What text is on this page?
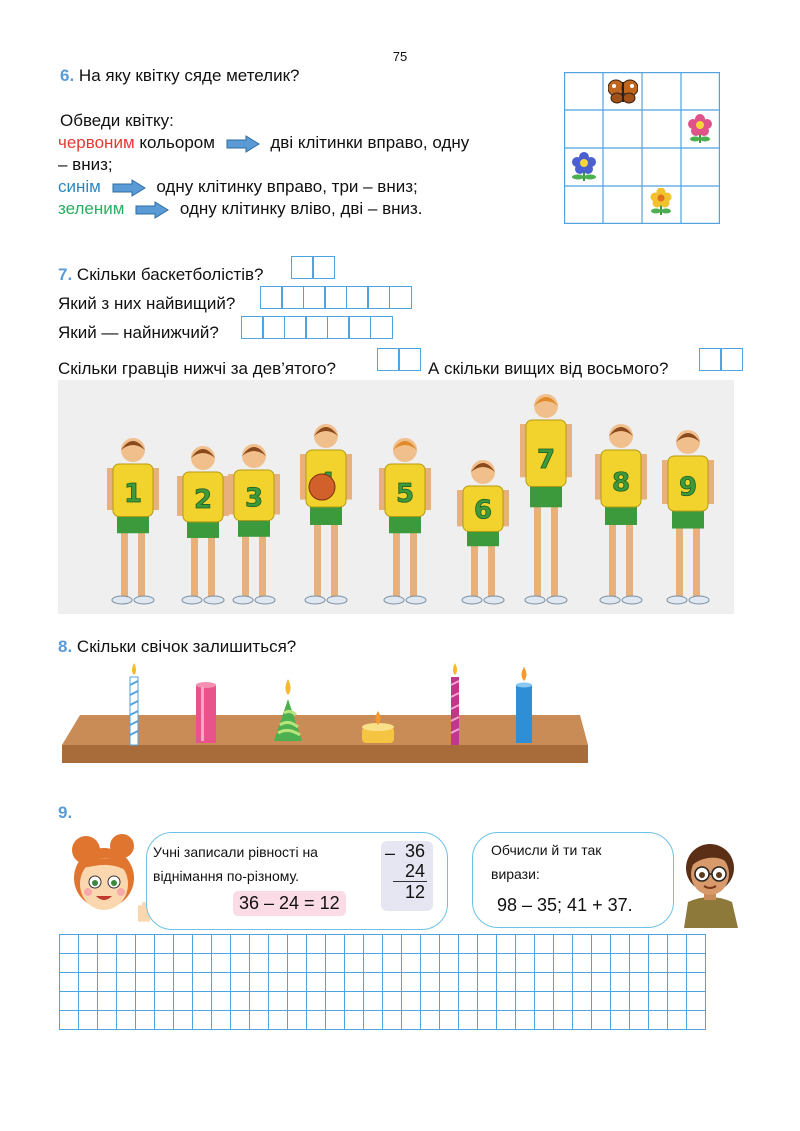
75
6. На яку квітку сяде метелик?
Обведи квітку:
червоним кольором	дві клітинки вправо, одну
– вниз;
синім	одну клітинку вправо, три – вниз;
зеленим	одну клітинку вліво, дві – вниз.
7. Скільки баскетболістів?
Який з них найвищий?
Який — найнижчий?
Скільки гравців нижчі за дев’ятого?	А скільки вищих від восьмого?
1 2 3	5
6
7
8 9
8. Скільки свічок залишиться?
9.
Учні записали рівності на
віднімання по-різному.
36 – 24 = 12
– 36
24
12
Обчисли й ти так
вирази:
98 – 35; 41 + 37.
